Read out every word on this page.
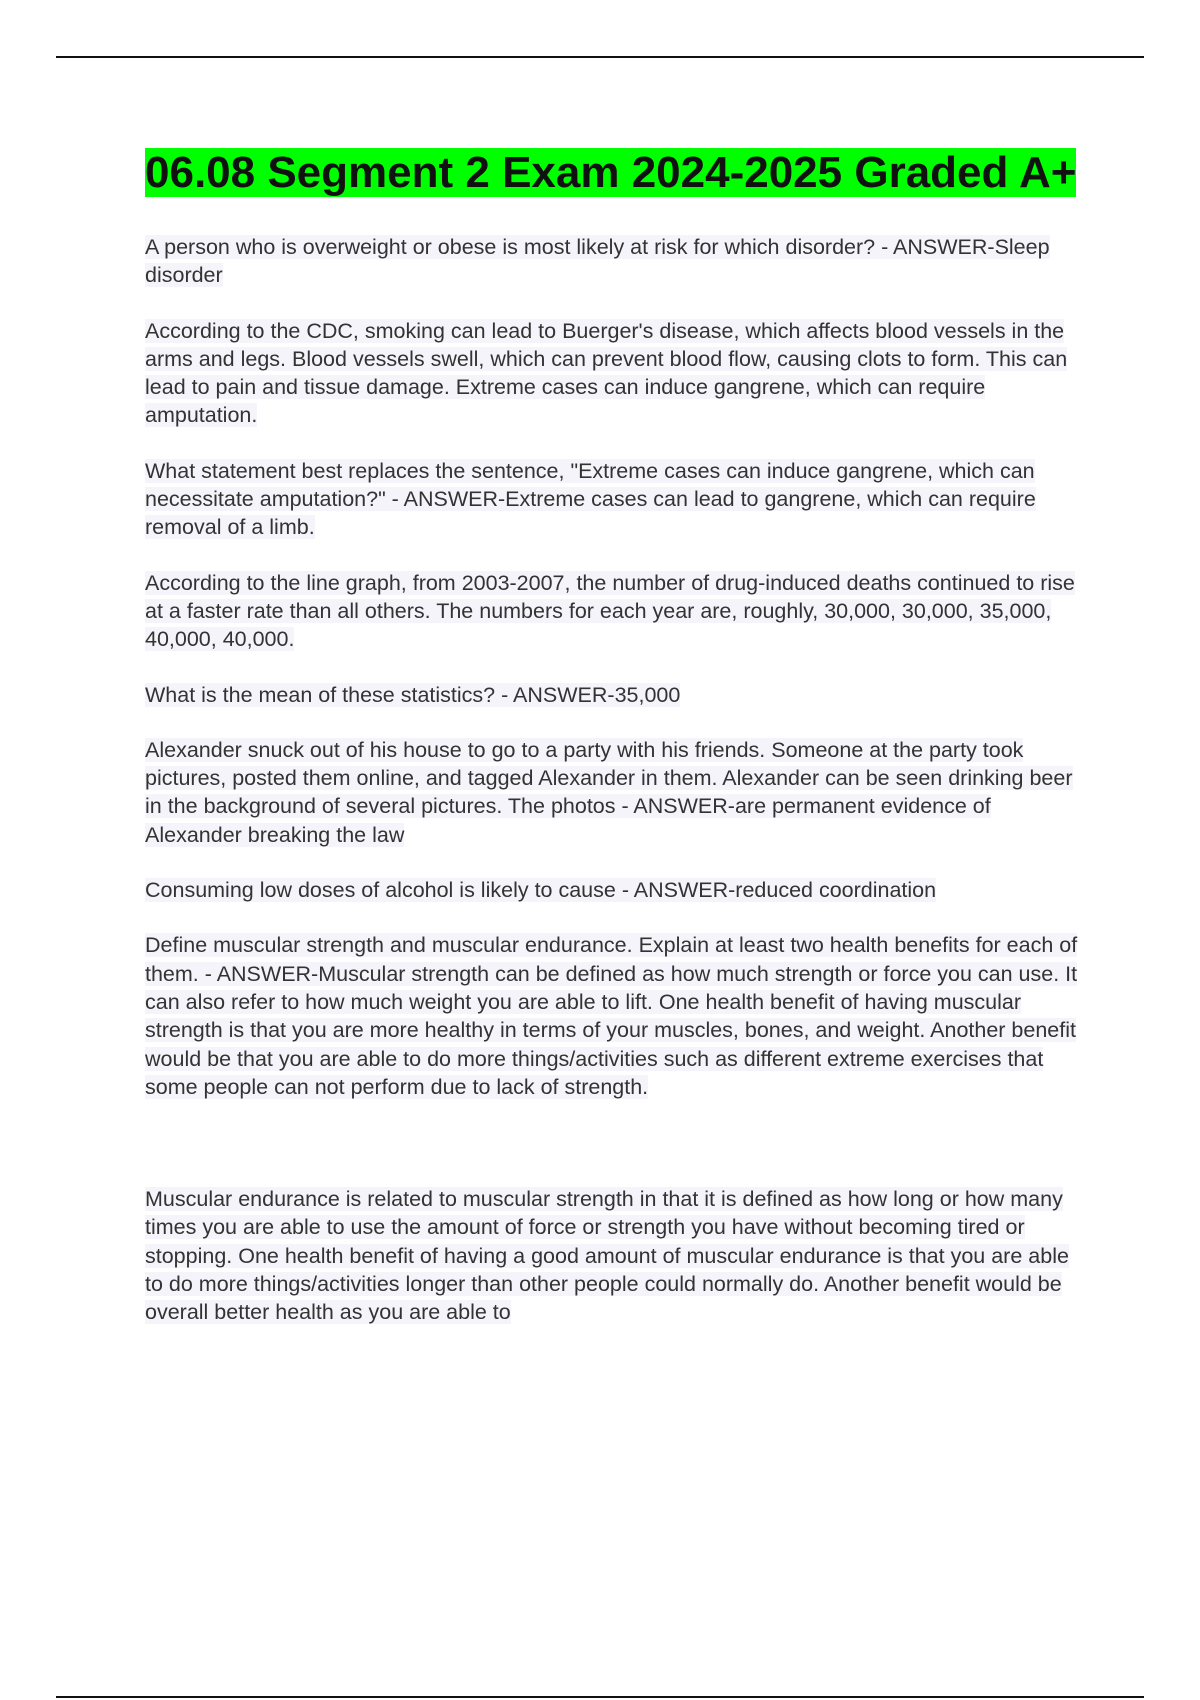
06.08 Segment 2 Exam 2024-2025 Graded A+

A person who is overweight or obese is most likely at risk for which disorder? - ANSWER-Sleep disorder

According to the CDC, smoking can lead to Buerger's disease, which affects blood vessels in the arms and legs. Blood vessels swell, which can prevent blood flow, causing clots to form. This can lead to pain and tissue damage. Extreme cases can induce gangrene, which can require amputation.

What statement best replaces the sentence, "Extreme cases can induce gangrene, which can necessitate amputation?" - ANSWER-Extreme cases can lead to gangrene, which can require removal of a limb.

According to the line graph, from 2003-2007, the number of drug-induced deaths continued to rise at a faster rate than all others. The numbers for each year are, roughly, 30,000, 30,000, 35,000, 40,000, 40,000.

What is the mean of these statistics? - ANSWER-35,000

Alexander snuck out of his house to go to a party with his friends. Someone at the party took pictures, posted them online, and tagged Alexander in them. Alexander can be seen drinking beer in the background of several pictures. The photos - ANSWER-are permanent evidence of Alexander breaking the law

Consuming low doses of alcohol is likely to cause - ANSWER-reduced coordination

Define muscular strength and muscular endurance. Explain at least two health benefits for each of them. - ANSWER-Muscular strength can be defined as how much strength or force you can use. It can also refer to how much weight you are able to lift. One health benefit of having muscular strength is that you are more healthy in terms of your muscles, bones, and weight. Another benefit would be that you are able to do more things/activities such as different extreme exercises that some people can not perform due to lack of strength.

Muscular endurance is related to muscular strength in that it is defined as how long or how many times you are able to use the amount of force or strength you have without becoming tired or stopping. One health benefit of having a good amount of muscular endurance is that you are able to do more things/activities longer than other people could normally do. Another benefit would be overall better health as you are able to
